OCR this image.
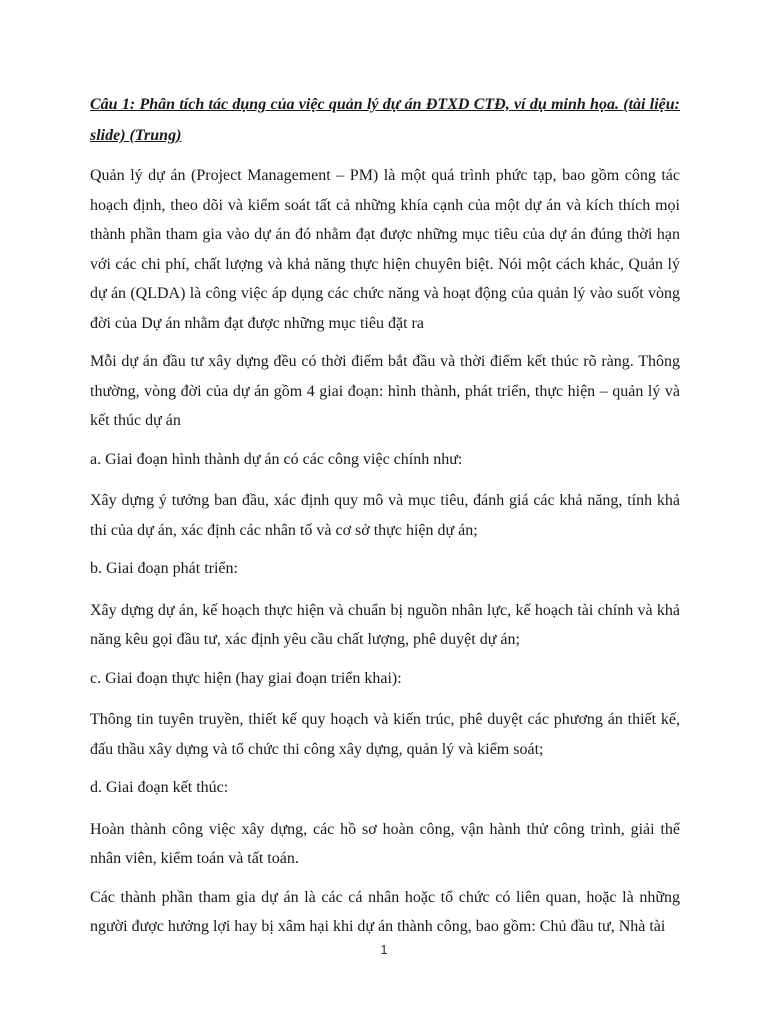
Câu 1: Phân tích tác dụng của việc quản lý dự án ĐTXD CTĐ, ví dụ minh họa. (tài liệu: slide) (Trung)

Quản lý dự án (Project Management – PM) là một quá trình phức tạp, bao gồm công tác hoạch định, theo dõi và kiểm soát tất cả những khía cạnh của một dự án và kích thích mọi thành phần tham gia vào dự án đó nhằm đạt được những mục tiêu của dự án đúng thời hạn với các chi phí, chất lượng và khả năng thực hiện chuyên biệt. Nói một cách khác, Quản lý dự án (QLDA) là công việc áp dụng các chức năng và hoạt động của quản lý vào suốt vòng đời của Dự án nhằm đạt được những mục tiêu đặt ra

Mỗi dự án đầu tư xây dựng đều có thời điểm bắt đầu và thời điểm kết thúc rõ ràng. Thông thường, vòng đời của dự án gồm 4 giai đoạn: hình thành, phát triển, thực hiện – quản lý và kết thúc dự án

a. Giai đoạn hình thành dự án có các công việc chính như:

Xây dựng ý tưởng ban đầu, xác định quy mô và mục tiêu, đánh giá các khả năng, tính khả thi của dự án, xác định các nhân tố và cơ sở thực hiện dự án;

b. Giai đoạn phát triển:

Xây dựng dự án, kế hoạch thực hiện và chuẩn bị nguồn nhân lực, kế hoạch tài chính và khả năng kêu gọi đầu tư, xác định yêu cầu chất lượng, phê duyệt dự án;

c. Giai đoạn thực hiện (hay giai đoạn triển khai):

Thông tin tuyên truyền, thiết kế quy hoạch và kiến trúc, phê duyệt các phương án thiết kế, đấu thầu xây dựng và tổ chức thi công xây dựng, quản lý và kiểm soát;

d. Giai đoạn kết thúc:

Hoàn thành công việc xây dựng, các hồ sơ hoàn công, vận hành thử công trình, giải thể nhân viên, kiểm toán và tất toán.

Các thành phần tham gia dự án là các cá nhân hoặc tổ chức có liên quan, hoặc là những người được hưởng lợi hay bị xâm hại khi dự án thành công, bao gồm: Chủ đầu tư, Nhà tài

1
